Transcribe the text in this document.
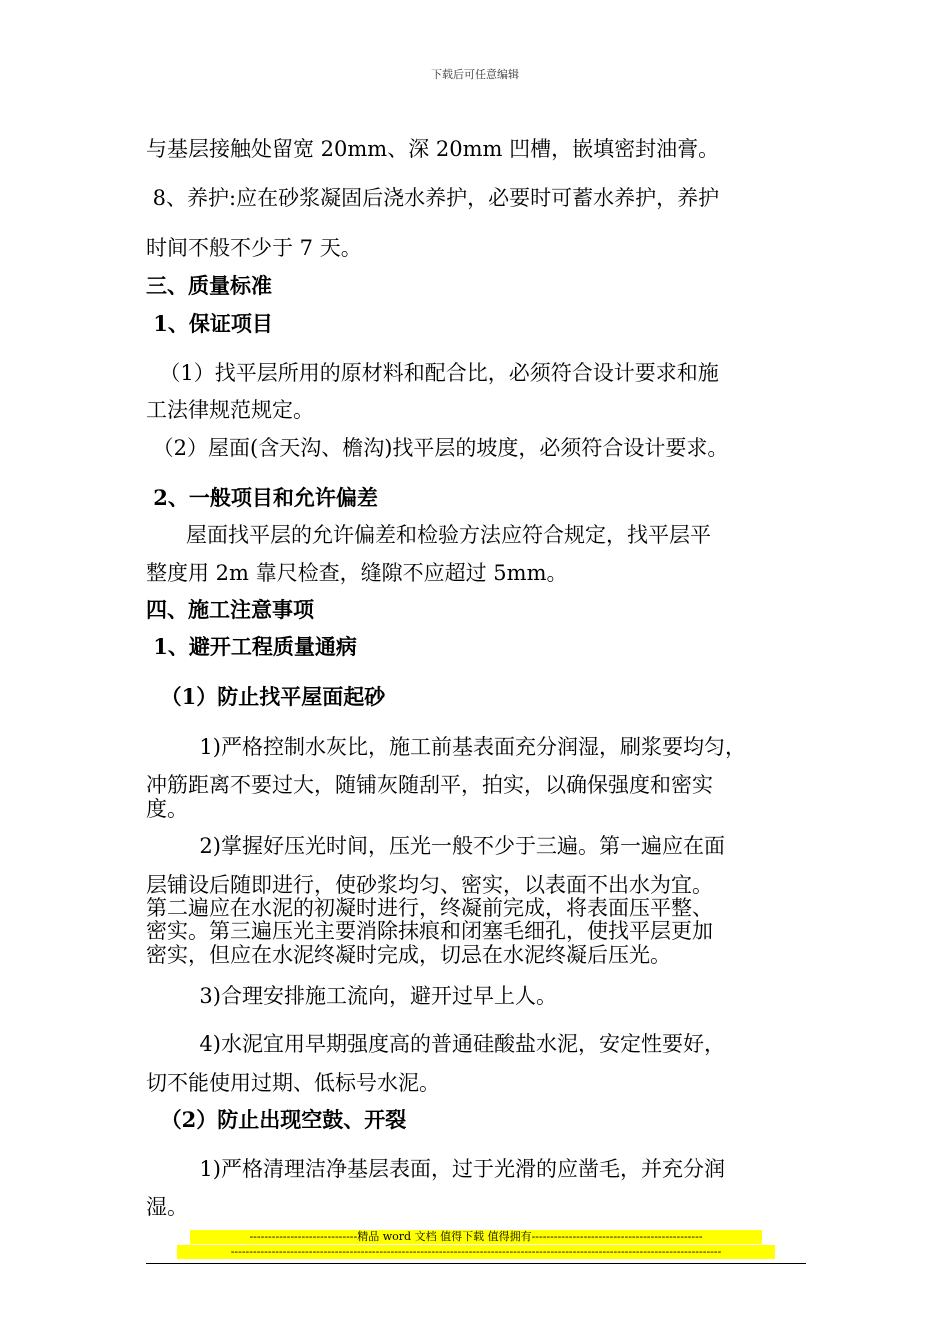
下载后可任意编辑
与基层接触处留宽 20mm、深 20mm 凹槽，嵌填密封油膏。
8、养护:应在砂浆凝固后浇水养护，必要时可蓄水养护，养护
时间不般不少于 7 天。
三、质量标准
1、保证项目
（1）找平层所用的原材料和配合比，必须符合设计要求和施
工法律规范规定。
（2）屋面(含天沟、檐沟)找平层的坡度，必须符合设计要求。
2、一般项目和允许偏差
屋面找平层的允许偏差和检验方法应符合规定，找平层平
整度用 2m 靠尺检查，缝隙不应超过 5mm。
四、施工注意事项
1、避开工程质量通病
（1）防止找平屋面起砂
1)严格控制水灰比，施工前基表面充分润湿，刷浆要均匀，
冲筋距离不要过大，随铺灰随刮平，拍实，以确保强度和密实
度。
2)掌握好压光时间，压光一般不少于三遍。第一遍应在面
层铺设后随即进行，使砂浆均匀、密实，以表面不出水为宜。
第二遍应在水泥的初凝时进行，终凝前完成，将表面压平整、
密实。第三遍压光主要消除抹痕和闭塞毛细孔，使找平层更加
密实，但应在水泥终凝时完成，切忌在水泥终凝后压光。
3)合理安排施工流向，避开过早上人。
4)水泥宜用早期强度高的普通硅酸盐水泥，安定性要好，
切不能使用过期、低标号水泥。
（2）防止出现空鼓、开裂
1)严格清理洁净基层表面，过于光滑的应凿毛，并充分润
湿。
-----------------------------精品 word 文档 值得下载 值得拥有----------------------------------------------
------------------------------------------------------------------------------------------------------------------------------------
